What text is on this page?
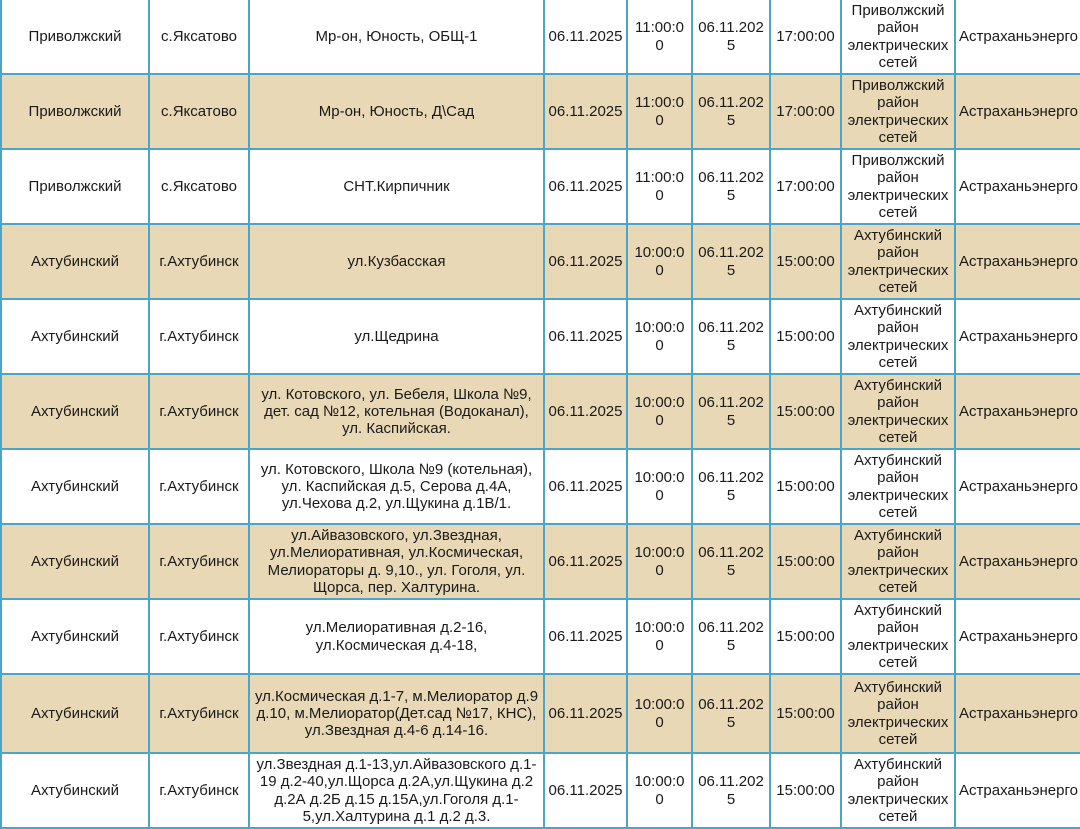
Приволжский	с.Яксатово	Мр-он, Юность, ОБЩ-1	06.11.2025	11:00:00	06.11.2025	17:00:00	Приволжский район электрических сетей	Астраханьэнерго
Приволжский	с.Яксатово	Мр-он, Юность, Д\Сад	06.11.2025	11:00:00	06.11.2025	17:00:00	Приволжский район электрических сетей	Астраханьэнерго
Приволжский	с.Яксатово	СНТ.Кирпичник	06.11.2025	11:00:00	06.11.2025	17:00:00	Приволжский район электрических сетей	Астраханьэнерго
Ахтубинский	г.Ахтубинск	ул.Кузбасская	06.11.2025	10:00:00	06.11.2025	15:00:00	Ахтубинский район электрических сетей	Астраханьэнерго
Ахтубинский	г.Ахтубинск	ул.Щедрина	06.11.2025	10:00:00	06.11.2025	15:00:00	Ахтубинский район электрических сетей	Астраханьэнерго
Ахтубинский	г.Ахтубинск	ул. Котовского, ул. Бебеля, Школа №9, дет. сад №12, котельная (Водоканал), ул. Каспийская.	06.11.2025	10:00:00	06.11.2025	15:00:00	Ахтубинский район электрических сетей	Астраханьэнерго
Ахтубинский	г.Ахтубинск	ул. Котовского, Школа №9 (котельная), ул. Каспийская д.5, Серова д.4А, ул.Чехова д.2, ул.Щукина д.1В/1.	06.11.2025	10:00:00	06.11.2025	15:00:00	Ахтубинский район электрических сетей	Астраханьэнерго
Ахтубинский	г.Ахтубинск	ул.Айвазовского, ул.Звездная, ул.Мелиоративная, ул.Космическая, Мелиораторы д. 9,10., ул. Гоголя, ул. Щорса, пер. Халтурина.	06.11.2025	10:00:00	06.11.2025	15:00:00	Ахтубинский район электрических сетей	Астраханьэнерго
Ахтубинский	г.Ахтубинск	ул.Мелиоративная д.2-16, ул.Космическая д.4-18,	06.11.2025	10:00:00	06.11.2025	15:00:00	Ахтубинский район электрических сетей	Астраханьэнерго
Ахтубинский	г.Ахтубинск	ул.Космическая д.1-7, м.Мелиоратор д.9 д.10, м.Мелиоратор(Дет.сад №17, КНС), ул.Звездная д.4-6 д.14-16.	06.11.2025	10:00:00	06.11.2025	15:00:00	Ахтубинский район электрических сетей	Астраханьэнерго
Ахтубинский	г.Ахтубинск	ул.Звездная д.1-13,ул.Айвазовского д.1-19 д.2-40,ул.Щорса д.2А,ул.Щукина д.2 д.2А д.2Б д.15 д.15А,ул.Гоголя д.1-5,ул.Халтурина д.1 д.2 д.3.	06.11.2025	10:00:00	06.11.2025	15:00:00	Ахтубинский район электрических сетей	Астраханьэнерго
